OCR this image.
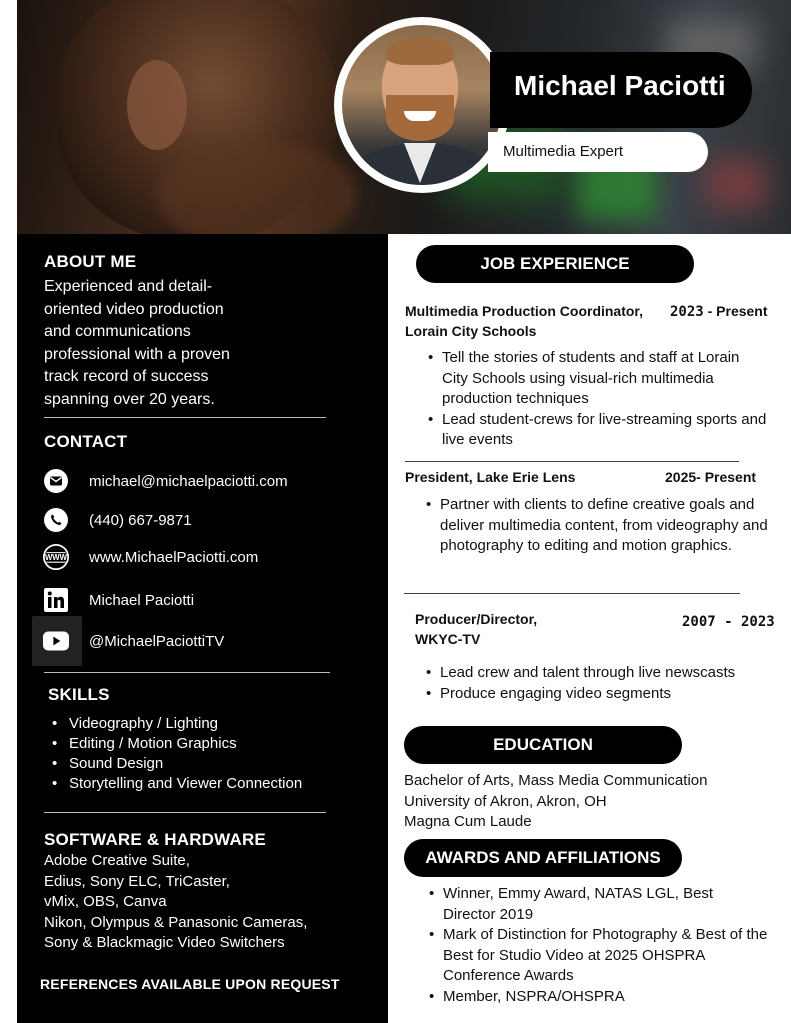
Michael Paciotti
Multimedia Expert
ABOUT ME
Experienced and detail-
oriented video production
and communications
professional with a proven
track record of success
spanning over 20 years.
CONTACT
michael@michaelpaciotti.com
(440) 667-9871
WWW www.MichaelPaciotti.com
Michael Paciotti
@MichaelPaciottiTV
SKILLS
• Videography / Lighting
• Editing / Motion Graphics
• Sound Design
• Storytelling and Viewer Connection
SOFTWARE & HARDWARE
Adobe Creative Suite,
Edius, Sony ELC, TriCaster,
vMix, OBS, Canva
Nikon, Olympus & Panasonic Cameras,
Sony & Blackmagic Video Switchers
REFERENCES AVAILABLE UPON REQUEST
JOB EXPERIENCE
Multimedia Production Coordinator,
Lorain City Schools
2023 - Present
• Tell the stories of students and staff at Lorain City Schools using visual-rich multimedia production techniques
• Lead student-crews for live-streaming sports and live events
President, Lake Erie Lens	2025- Present
• Partner with clients to define creative goals and deliver multimedia content, from videography and photography to editing and motion graphics.
Producer/Director,
WKYC-TV
2007 - 2023
• Lead crew and talent through live newscasts
• Produce engaging video segments
EDUCATION
Bachelor of Arts, Mass Media Communication
University of Akron, Akron, OH
Magna Cum Laude
AWARDS AND AFFILIATIONS
• Winner, Emmy Award, NATAS LGL, Best Director 2019
• Mark of Distinction for Photography & Best of the Best for Studio Video at 2025 OHSPRA Conference Awards
• Member, NSPRA/OHSPRA
